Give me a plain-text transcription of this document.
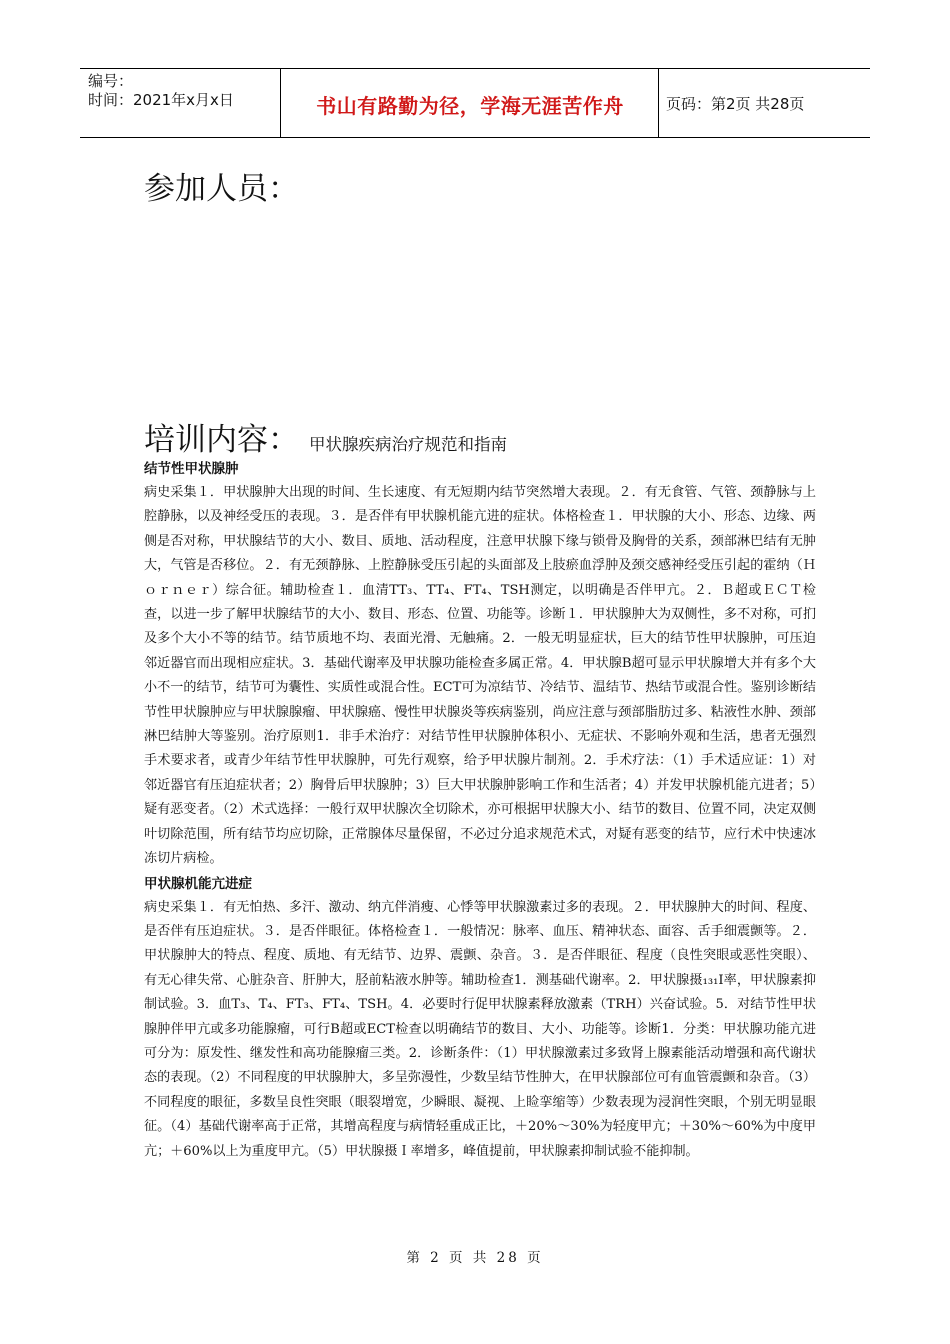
编号：
时间：2021年x月x日	书山有路勤为径，学海无涯苦作舟	页码：第2页 共28页
参加人员：
培训内容： 甲状腺疾病治疗规范和指南
结节性甲状腺肿
病史采集１．甲状腺肿大出现的时间、生长速度、有无短期内结节突然增大表现。２．有无食管、气管、颈静脉与上腔静脉，以及神经受压的表现。３．是否伴有甲状腺机能亢进的症状。体格检查１．甲状腺的大小、形态、边缘、两侧是否对称，甲状腺结节的大小、数目、质地、活动程度，注意甲状腺下缘与锁骨及胸骨的关系，颈部淋巴结有无肿大，气管是否移位。２．有无颈静脉、上腔静脉受压引起的头面部及上肢瘀血浮肿及颈交感神经受压引起的霍纳（Ｈｏｒｎｅｒ）综合征。辅助检查１．血清TT₃、TT₄、FT₄、TSH测定，以明确是否伴甲亢。２．Ｂ超或ＥＣＴ检查，以进一步了解甲状腺结节的大小、数目、形态、位置、功能等。诊断１．甲状腺肿大为双侧性，多不对称，可扪及多个大小不等的结节。结节质地不均、表面光滑、无触痛。2．一般无明显症状，巨大的结节性甲状腺肿，可压迫邻近器官而出现相应症状。3．基础代谢率及甲状腺功能检查多属正常。4．甲状腺B超可显示甲状腺增大并有多个大小不一的结节，结节可为囊性、实质性或混合性。ECT可为凉结节、冷结节、温结节、热结节或混合性。鉴别诊断结节性甲状腺肿应与甲状腺腺瘤、甲状腺癌、慢性甲状腺炎等疾病鉴别，尚应注意与颈部脂肪过多、粘液性水肿、颈部淋巴结肿大等鉴别。治疗原则1．非手术治疗：对结节性甲状腺肿体积小、无症状、不影响外观和生活，患者无强烈手术要求者，或青少年结节性甲状腺肿，可先行观察，给予甲状腺片制剂。2．手术疗法：（1）手术适应证：1）对邻近器官有压迫症状者；2）胸骨后甲状腺肿；3）巨大甲状腺肿影响工作和生活者；4）并发甲状腺机能亢进者；5）疑有恶变者。（2）术式选择：一般行双甲状腺次全切除术，亦可根据甲状腺大小、结节的数目、位置不同，决定双侧叶切除范围，所有结节均应切除，正常腺体尽量保留，不必过分追求规范术式，对疑有恶变的结节，应行术中快速冰冻切片病检。
甲状腺机能亢进症
病史采集１．有无怕热、多汗、激动、纳亢伴消瘦、心悸等甲状腺激素过多的表现。２．甲状腺肿大的时间、程度、是否伴有压迫症状。３．是否伴眼征。体格检查１．一般情况：脉率、血压、精神状态、面容、舌手细震颤等。２．甲状腺肿大的特点、程度、质地、有无结节、边界、震颤、杂音。３．是否伴眼征、程度（良性突眼或恶性突眼）、有无心律失常、心脏杂音、肝肿大，胫前粘液水肿等。辅助检查1．测基础代谢率。2．甲状腺摄₁₃₁I率，甲状腺素抑制试验。3．血T₃、T₄、FT₃、FT₄、TSH。4．必要时行促甲状腺素释放激素（TRH）兴奋试验。5．对结节性甲状腺肿伴甲亢或多功能腺瘤，可行B超或ECT检查以明确结节的数目、大小、功能等。诊断1．分类：甲状腺功能亢进可分为：原发性、继发性和高功能腺瘤三类。2．诊断条件：（1）甲状腺激素过多致肾上腺素能活动增强和高代谢状态的表现。（2）不同程度的甲状腺肿大，多呈弥漫性，少数呈结节性肿大，在甲状腺部位可有血管震颤和杂音。（3）不同程度的眼征，多数呈良性突眼（眼裂增宽，少瞬眼、凝视、上睑挛缩等）少数表现为浸润性突眼，个别无明显眼征。（4）基础代谢率高于正常，其增高程度与病情轻重成正比，＋20%～30%为轻度甲亢；＋30%～60%为中度甲亢；＋60%以上为重度甲亢。（5）甲状腺摄Ｉ率增多，峰值提前，甲状腺素抑制试验不能抑制。
第 2 页 共 28 页
